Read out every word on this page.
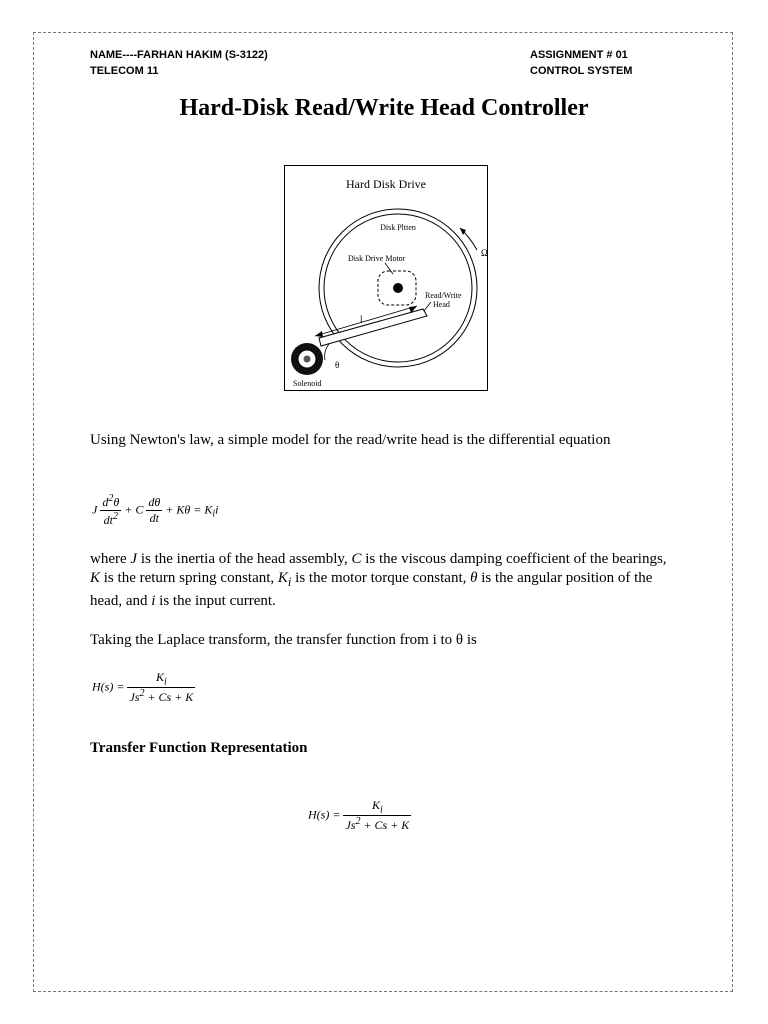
NAME----FARHAN HAKIM (S-3122)
TELECOM 11
ASSIGNMENT # 01
CONTROL SYSTEM
Hard-Disk Read/Write Head Controller
Hard Disk Drive
Disk Pltten
Ω
Disk Drive Motor
Read/Write
Head
l
θ
Solenoid
Using Newton's law, a simple model for the read/write head is the differential equation
J $\frac{d^2\theta}{dt^2} + C \frac{d\theta}{dt} + K\theta = K_ii$
where J is the inertia of the head assembly, C is the viscous damping coefficient of the bearings, K is the return spring constant, $K_i$ is the motor torque constant, θ is the angular position of the head, and i is the input current.
Taking the Laplace transform, the transfer function from i to θ is
$H(s) = \frac{K_i}{Js^2 + Cs + K}$
Transfer Function Representation
$H(s) = \frac{K_i}{Js^2 + Cs + K}$
